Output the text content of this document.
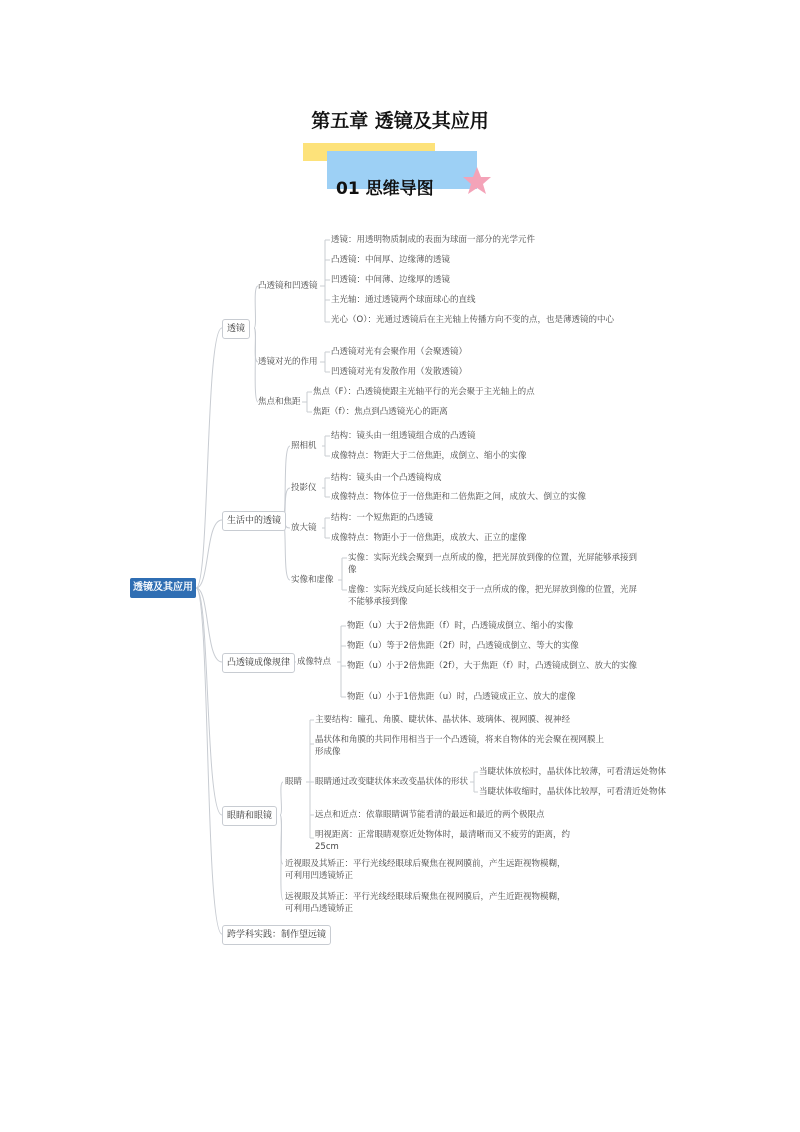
第五章 透镜及其应用
01 思维导图
透镜及其应用
透镜
凸透镜和凹透镜
透镜：用透明物质制成的表面为球面一部分的光学元件
凸透镜：中间厚、边缘薄的透镜
凹透镜：中间薄、边缘厚的透镜
主光轴：通过透镜两个球面球心的直线
光心（O）：光通过透镜后在主光轴上传播方向不变的点，也是薄透镜的中心
透镜对光的作用
凸透镜对光有会聚作用（会聚透镜）
凹透镜对光有发散作用（发散透镜）
焦点和焦距
焦点（F）：凸透镜使跟主光轴平行的光会聚于主光轴上的点
焦距（f）：焦点到凸透镜光心的距离
生活中的透镜
照相机
结构：镜头由一组透镜组合成的凸透镜
成像特点：物距大于二倍焦距，成倒立、缩小的实像
投影仪
结构：镜头由一个凸透镜构成
成像特点：物体位于一倍焦距和二倍焦距之间，成放大、倒立的实像
放大镜
结构：一个短焦距的凸透镜
成像特点：物距小于一倍焦距，成放大、正立的虚像
实像和虚像
实像：实际光线会聚到一点所成的像，把光屏放到像的位置，光屏能够承接到像
虚像：实际光线反向延长线相交于一点所成的像，把光屏放到像的位置，光屏不能够承接到像
凸透镜成像规律 成像特点
物距（u）大于2倍焦距（f）时，凸透镜成倒立、缩小的实像
物距（u）等于2倍焦距（2f）时，凸透镜成倒立、等大的实像
物距（u）小于2倍焦距（2f），大于焦距（f）时，凸透镜成倒立、放大的实像
物距（u）小于1倍焦距（u）时，凸透镜成正立、放大的虚像
眼睛和眼镜
眼睛
主要结构：瞳孔、角膜、睫状体、晶状体、玻璃体、视网膜、视神经
晶状体和角膜的共同作用相当于一个凸透镜，将来自物体的光会聚在视网膜上形成像
眼睛通过改变睫状体来改变晶状体的形状
当睫状体放松时，晶状体比较薄，可看清远处物体
当睫状体收缩时，晶状体比较厚，可看清近处物体
远点和近点：依靠眼睛调节能看清的最远和最近的两个极限点
明视距离：正常眼睛观察近处物体时，最清晰而又不疲劳的距离，约25cm
近视眼及其矫正：平行光线经眼球后聚焦在视网膜前，产生远距视物模糊，可利用凹透镜矫正
远视眼及其矫正：平行光线经眼球后聚焦在视网膜后，产生近距视物模糊，可利用凸透镜矫正
跨学科实践：制作望远镜
